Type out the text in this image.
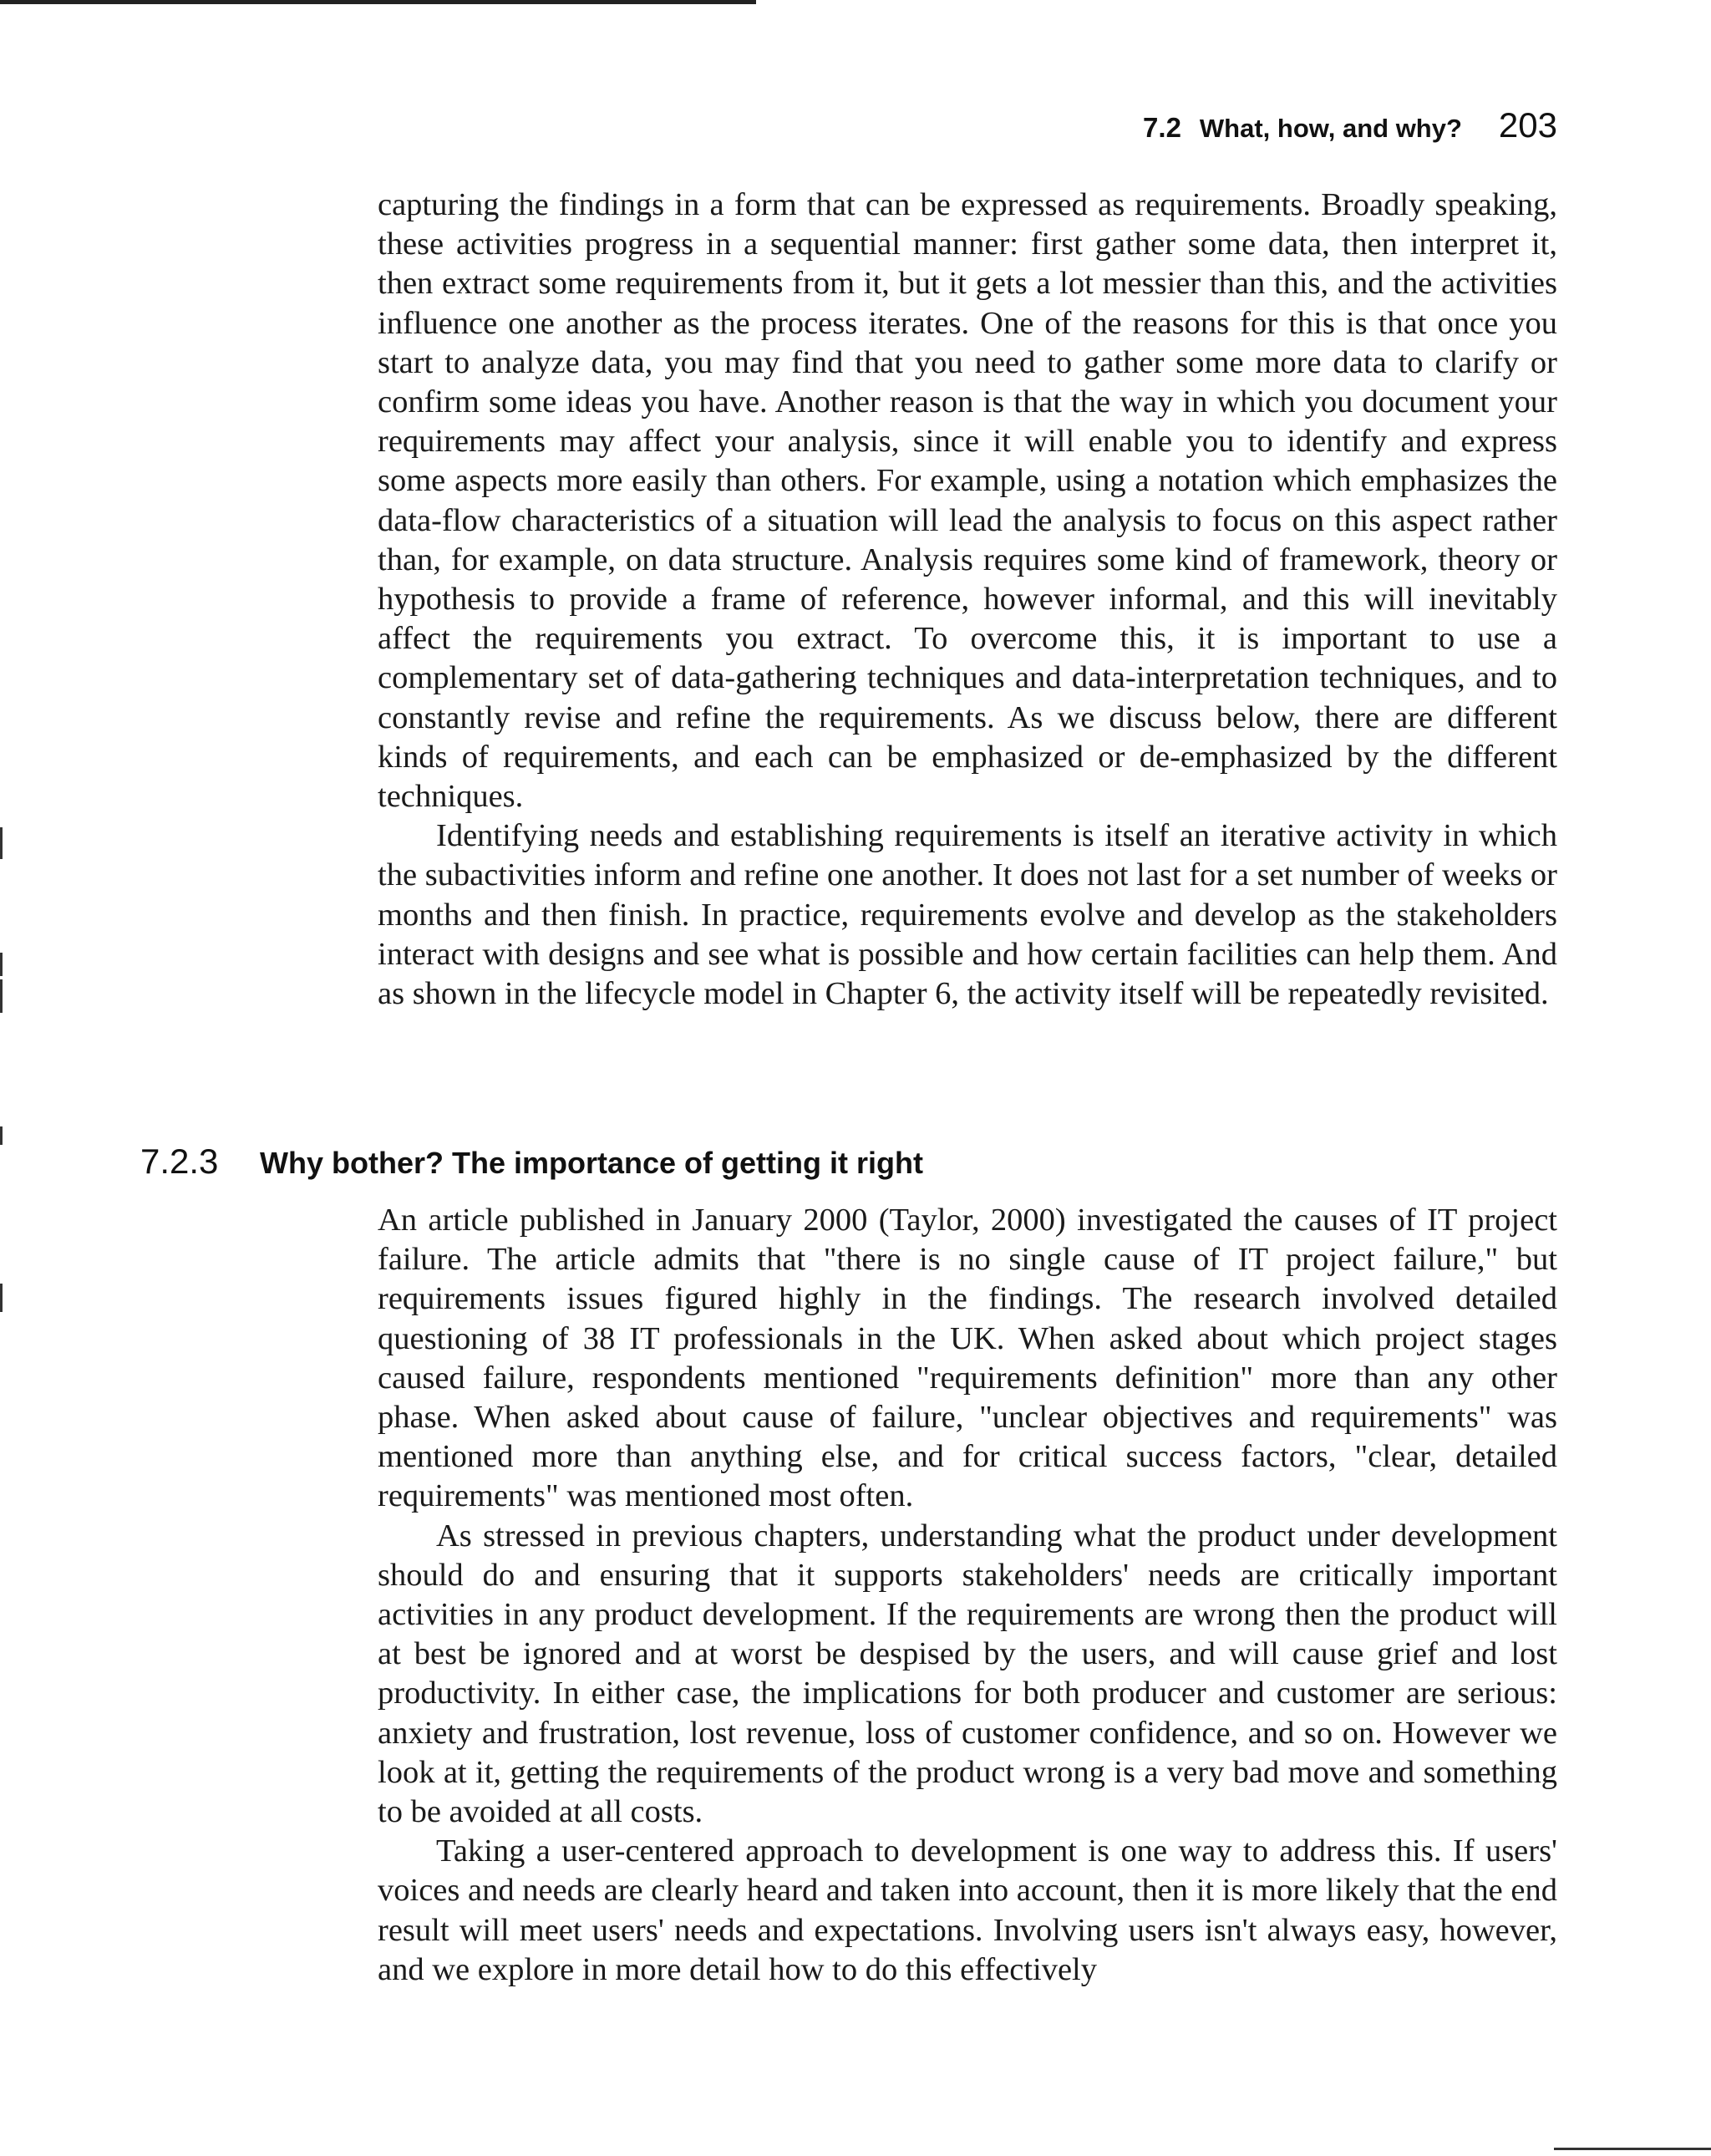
7.2 What, how, and why? 203

capturing the findings in a form that can be expressed as requirements. Broadly speaking, these activities progress in a sequential manner: first gather some data, then interpret it, then extract some requirements from it, but it gets a lot messier than this, and the activities influence one another as the process iterates. One of the reasons for this is that once you start to analyze data, you may find that you need to gather some more data to clarify or confirm some ideas you have. Another reason is that the way in which you document your requirements may affect your analysis, since it will enable you to identify and express some aspects more easily than others. For example, using a notation which emphasizes the data-flow characteristics of a situation will lead the analysis to focus on this aspect rather than, for example, on data structure. Analysis requires some kind of framework, theory or hypothesis to provide a frame of reference, however informal, and this will inevitably affect the requirements you extract. To overcome this, it is important to use a complementary set of data-gathering techniques and data-interpretation techniques, and to constantly revise and refine the requirements. As we discuss below, there are different kinds of requirements, and each can be emphasized or de-emphasized by the different techniques.

Identifying needs and establishing requirements is itself an iterative activity in which the subactivities inform and refine one another. It does not last for a set number of weeks or months and then finish. In practice, requirements evolve and develop as the stakeholders interact with designs and see what is possible and how certain facilities can help them. And as shown in the lifecycle model in Chapter 6, the activity itself will be repeatedly revisited.

7.2.3	Why bother? The importance of getting it right

An article published in January 2000 (Taylor, 2000) investigated the causes of IT project failure. The article admits that "there is no single cause of IT project failure," but requirements issues figured highly in the findings. The research involved detailed questioning of 38 IT professionals in the UK. When asked about which project stages caused failure, respondents mentioned "requirements definition" more than any other phase. When asked about cause of failure, "unclear objectives and requirements" was mentioned more than anything else, and for critical success factors, "clear, detailed requirements" was mentioned most often.

As stressed in previous chapters, understanding what the product under development should do and ensuring that it supports stakeholders' needs are critically important activities in any product development. If the requirements are wrong then the product will at best be ignored and at worst be despised by the users, and will cause grief and lost productivity. In either case, the implications for both producer and customer are serious: anxiety and frustration, lost revenue, loss of customer confidence, and so on. However we look at it, getting the requirements of the product wrong is a very bad move and something to be avoided at all costs.

Taking a user-centered approach to development is one way to address this. If users' voices and needs are clearly heard and taken into account, then it is more likely that the end result will meet users' needs and expectations. Involving users isn't always easy, however, and we explore in more detail how to do this effectively
